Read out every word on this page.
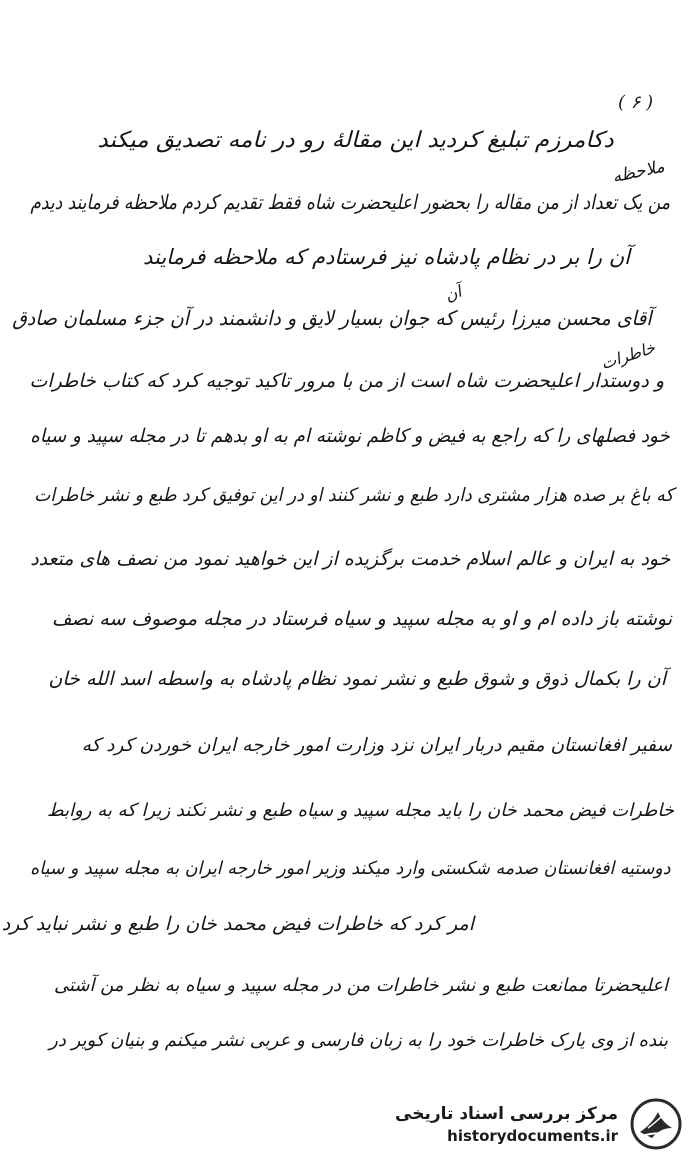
( ۶ )
دکامرزم تبلیغ کردید این مقالهٔ رو در نامه تصدیق میکند
ملاحظه
من یک تعداد از من مقاله را بحضور اعلیحضرت شاه فقط تقدیم کردم ملاحظه فرمایند دیدم
آن را بر در نظام پادشاه نیز فرستادم که ملاحظه فرمایند
آن
آقای محسن میرزا رئیس که جوان بسیار لایق و دانشمند در آن جزء مسلمان صادق
خاطرات
و دوستدار اعلیحضرت شاه است از من با مرور تاکید توجیه کرد که کتاب خاطرات
خود فصلهای را که راجع به فیض و کاظم نوشته ام به او بدهم تا در مجله سپید و سیاه
که باغ بر صده هزار مشتری دارد طبع و نشر کنند او در این توفیق کرد طبع و نشر خاطرات
خود به ایران و عالم اسلام خدمت برگزیده از این خواهید نمود من نصف های متعدد
نوشته باز داده ام و او به مجله سپید و سیاه فرستاد در مجله موصوف سه نصف
آن را بکمال ذوق و شوق طبع و نشر نمود نظام پادشاه به واسطه اسد الله خان
سفیر افغانستان مقیم دربار ایران نزد وزارت امور خارجه ایران خوردن کرد که
خاطرات فیض محمد خان را باید مجله سپید و سیاه طبع و نشر نکند زیرا که به روابط
دوستیه افغانستان صدمه شکستی وارد میکند وزیر امور خارجه ایران به مجله سپید و سیاه
امر کرد که خاطرات فیض محمد خان را طبع و نشر نباید کرد
اعلیحضرتا ممانعت طبع و نشر خاطرات من در مجله سپید و سیاه به نظر من آشتی
بنده از وی یارک خاطرات خود را به زبان فارسی و عربی نشر میکنم و بنیان کویر در
مرکز بررسی اسناد تاریخی
historydocuments.ir
